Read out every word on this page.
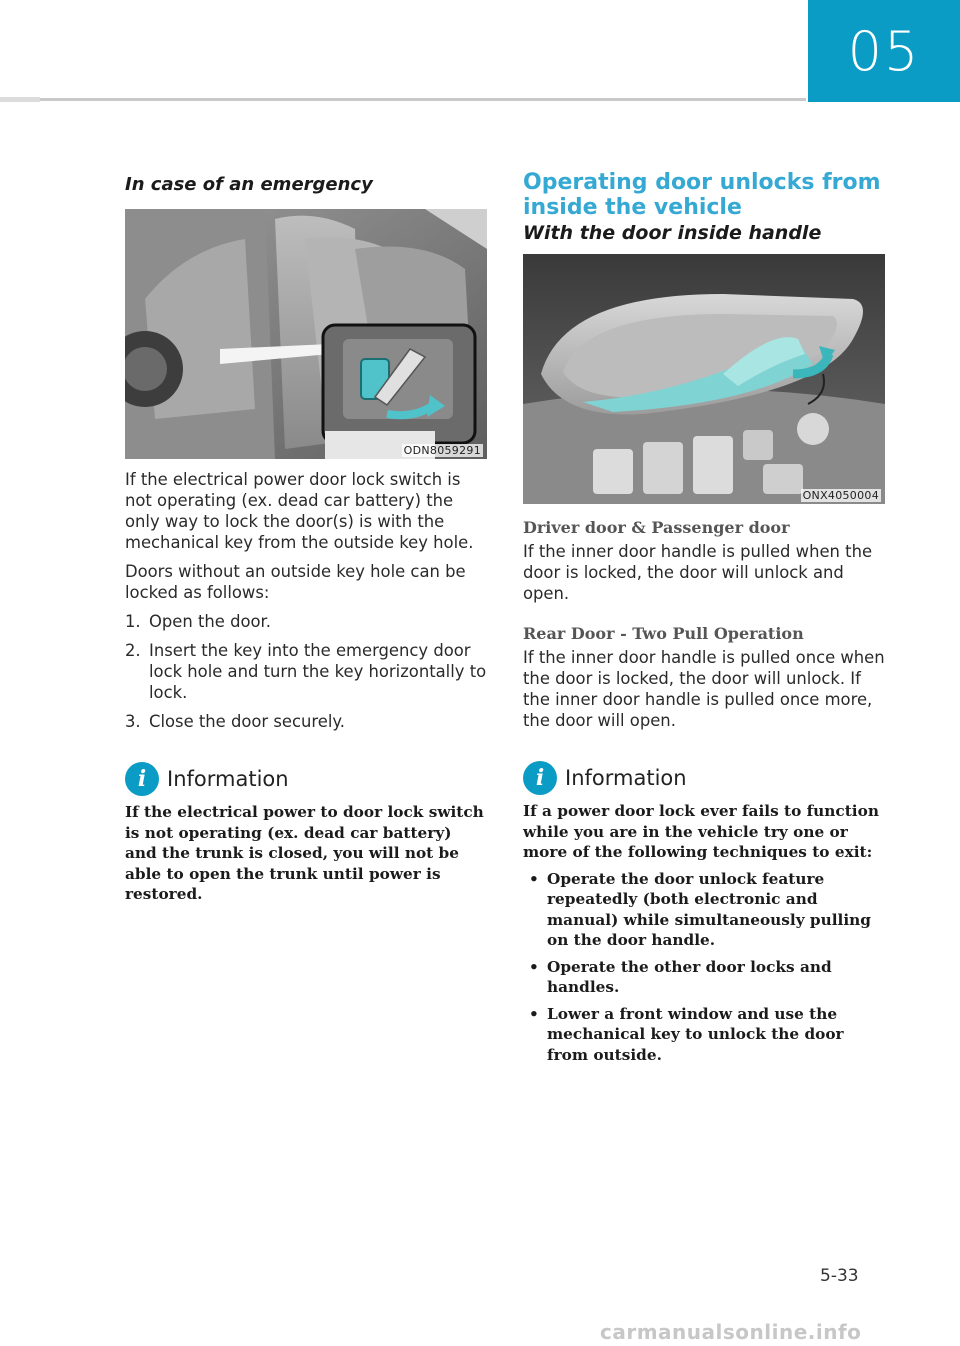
05
In case of an emergency
ODN8059291

If the electrical power door lock switch is not operating (ex. dead car battery) the only way to lock the door(s) is with the mechanical key from the outside key hole.

Doors without an outside key hole can be locked as follows:

1. Open the door.
2. Insert the key into the emergency door lock hole and turn the key horizontally to lock.
3. Close the door securely.
i Information

If the electrical power to door lock switch is not operating (ex. dead car battery) and the trunk is closed, you will not be able to open the trunk until power is restored.

Operating door unlocks from inside the vehicle
With the door inside handle
ONX4050004
Driver door & Passenger door

If the inner door handle is pulled when the door is locked, the door will unlock and open.

Rear Door - Two Pull Operation

If the inner door handle is pulled once when the door is locked, the door will unlock. If the inner door handle is pulled once more, the door will open.

i Information

If a power door lock ever fails to function while you are in the vehicle try one or more of the following techniques to exit:

• Operate the door unlock feature repeatedly (both electronic and manual) while simultaneously pulling on the door handle.
• Operate the other door locks and handles.
• Lower a front window and use the mechanical key to unlock the door from outside.
5-33
carmanualsonline.info
